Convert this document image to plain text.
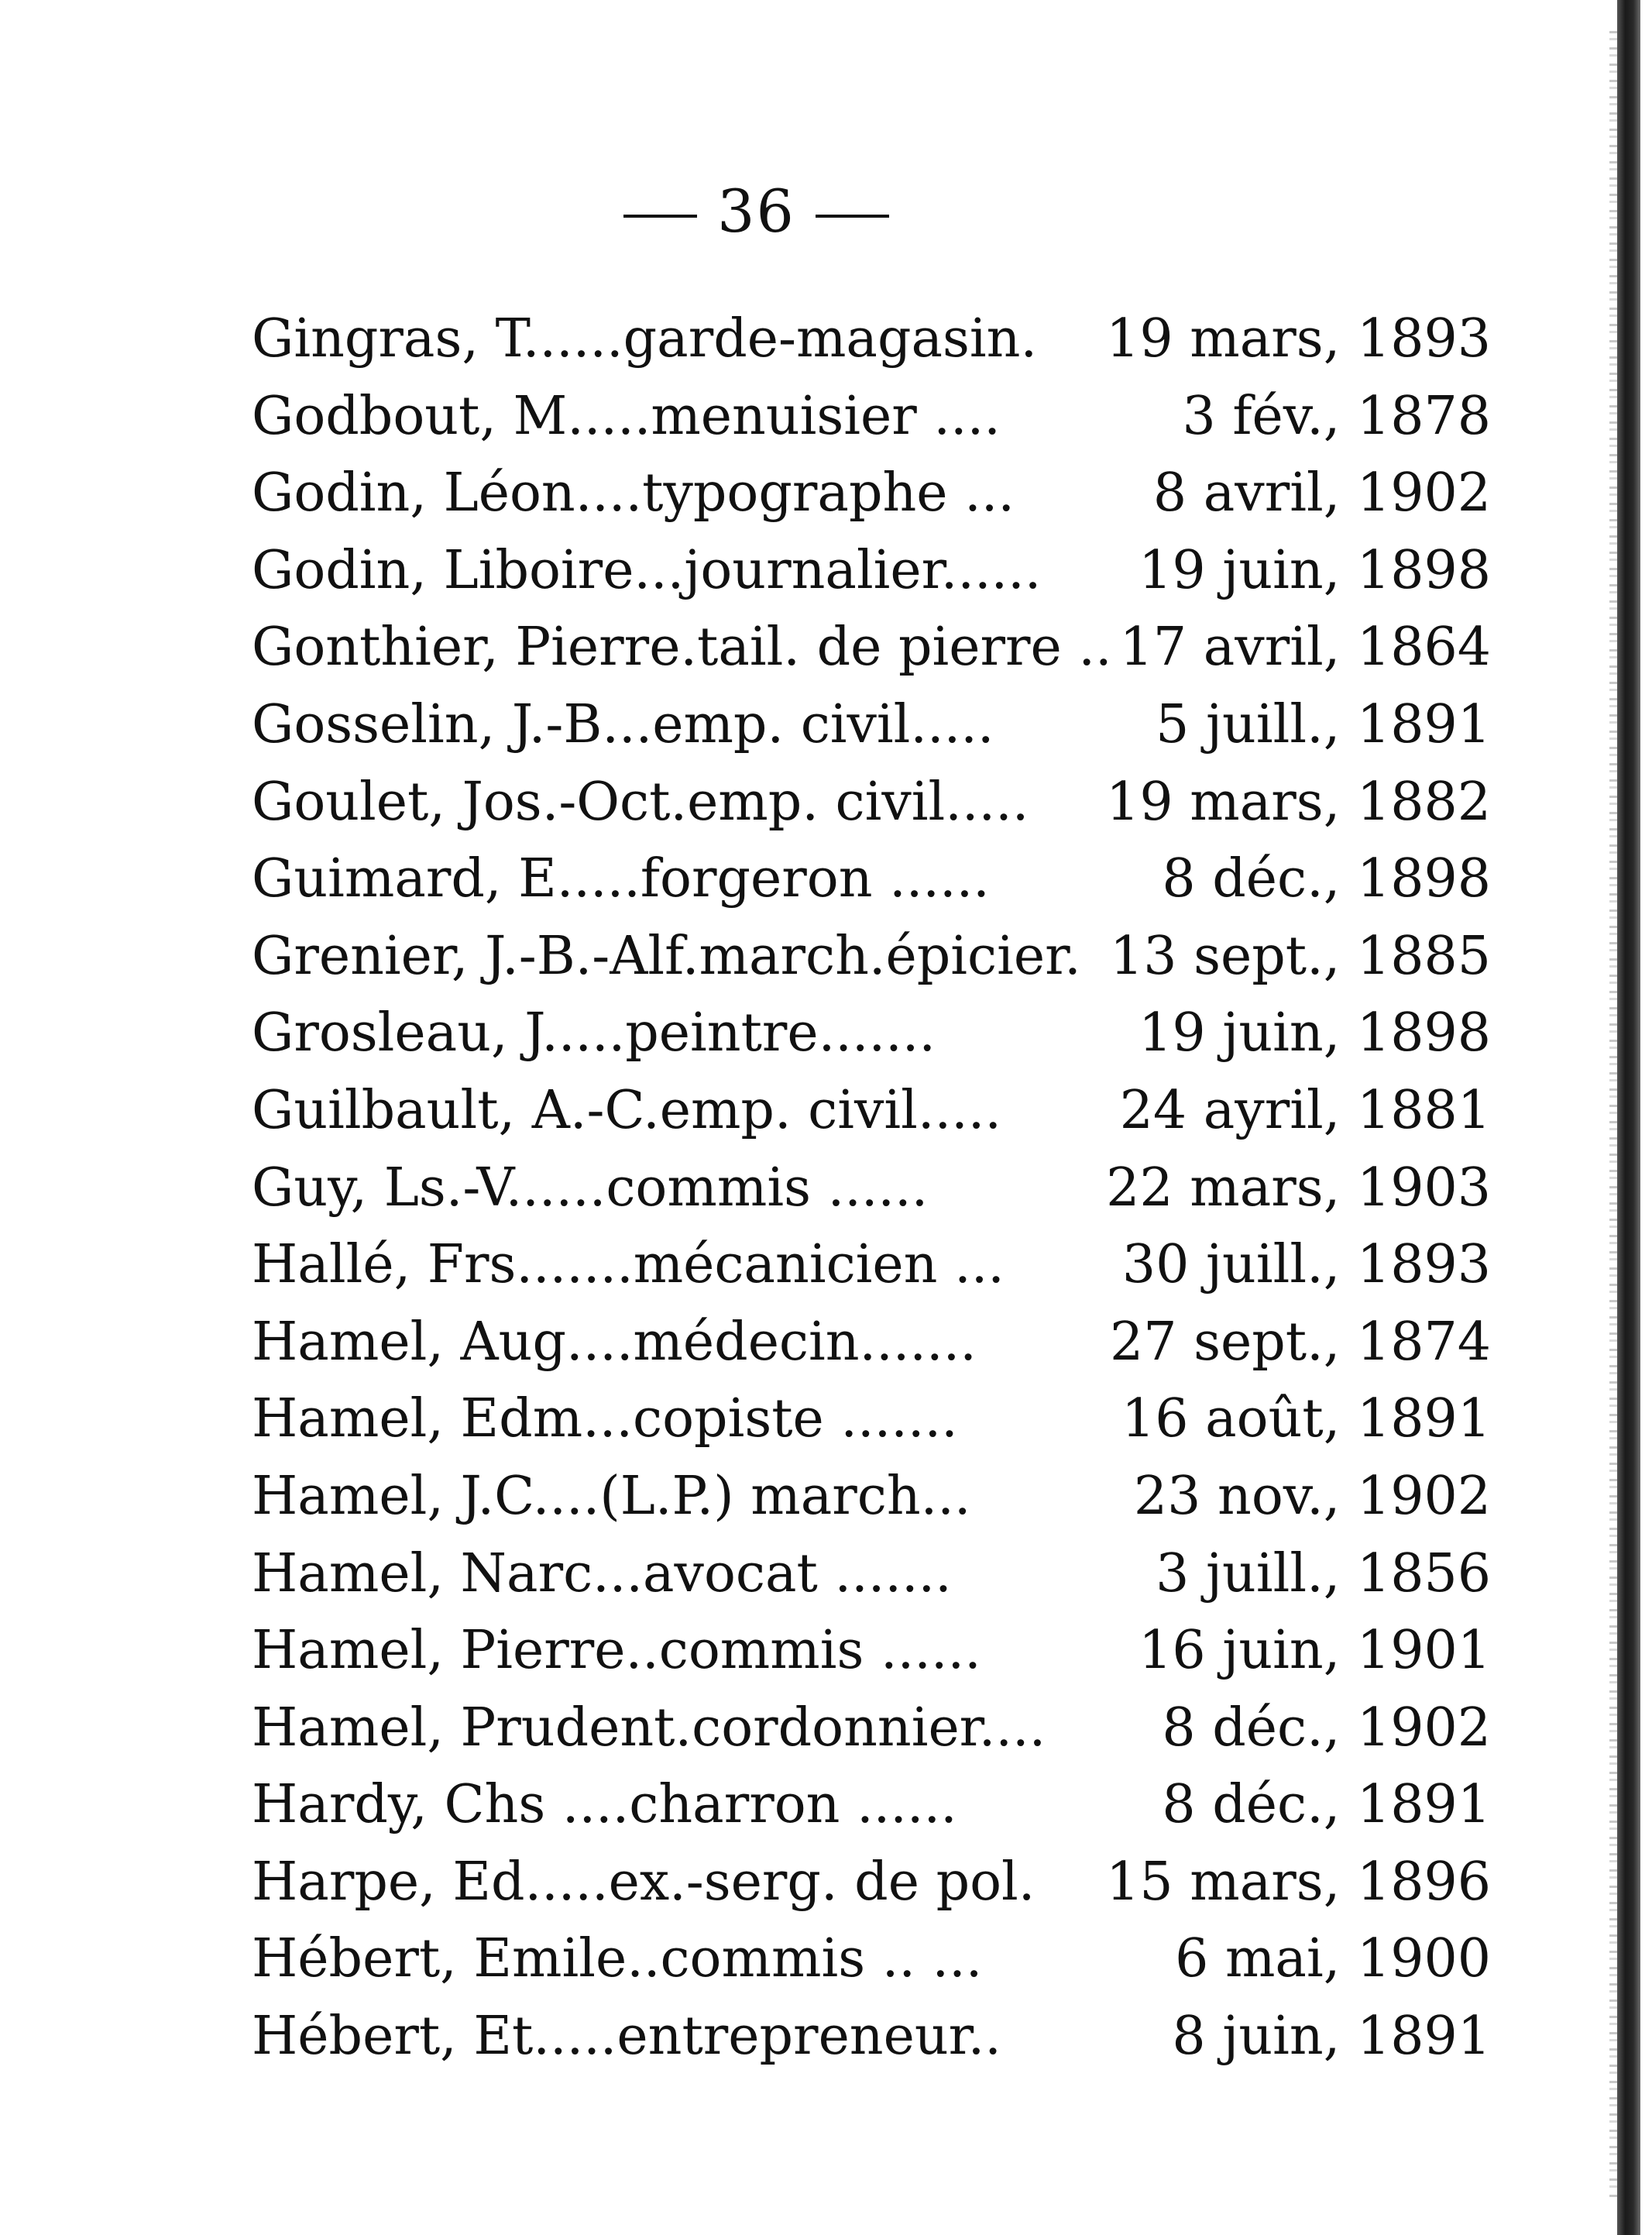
36
Gingras, T......garde-magasin. 19 mars, 1893
Godbout, M.....menuisier ....	3 fév., 1878
Godin, Léon....typographe ...	8 avril, 1902
Godin, Liboire...journalier...... 19 juin, 1898
Gonthier, Pierre.tail. de pierre .. 17 avril, 1864
Gosselin, J.-B...emp. civil.....	5 juill., 1891
Goulet, Jos.-Oct.emp. civil..... 19 mars, 1882
Guimard, E.....forgeron ......	8 déc., 1898
Grenier, J.-B.-Alf.march.épicier. 13 sept., 1885
Grosleau, J.....peintre.......	19 juin, 1898
Guilbault, A.-C.emp. civil..... 24 ayril, 1881
Guy, Ls.-V......commis ......	22 mars, 1903
Hallé, Frs.......mécanicien ... 30 juill., 1893
Hamel, Aug....médecin.......	27 sept., 1874
Hamel, Edm...copiste .......	16 août, 1891
Hamel, J.C....(L.P.) march...	23 nov., 1902
Hamel, Narc...avocat .......	3 juill., 1856
Hamel, Pierre..commis ......	16 juin, 1901
Hamel, Prudent.cordonnier.... 8 déc., 1902
Hardy, Chs ....charron ......	8 déc., 1891
Harpe, Ed.....ex.-serg. de pol. 15 mars, 1896
Hébert, Emile..commis .. ...	6 mai, 1900
Hébert, Et.....entrepreneur..	8 juin, 1891
